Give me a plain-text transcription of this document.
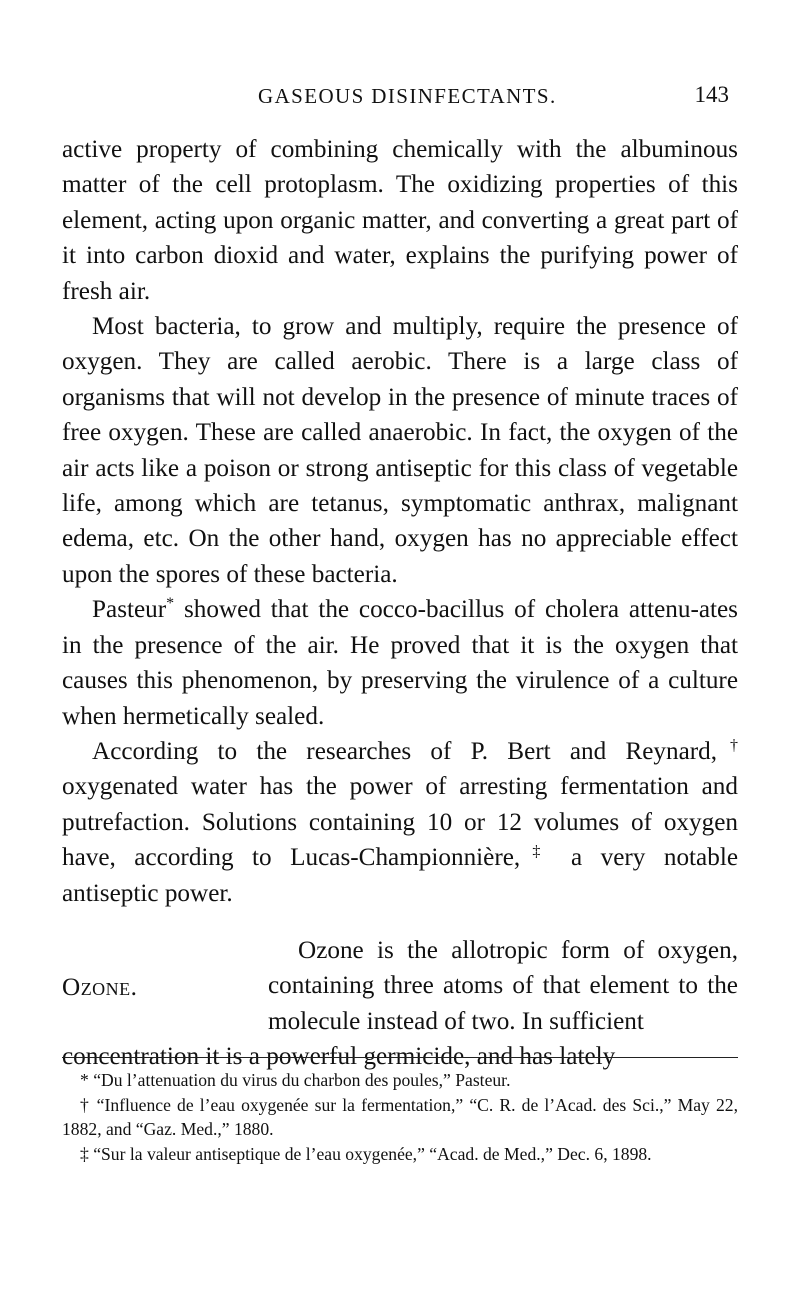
GASEOUS DISINFECTANTS.	143

active property of combining chemically with the albuminous matter of the cell protoplasm. The oxidizing properties of this element, acting upon organic matter, and converting a great part of it into carbon dioxid and water, explains the purifying power of fresh air.

Most bacteria, to grow and multiply, require the presence of oxygen. They are called aerobic. There is a large class of organisms that will not develop in the presence of minute traces of free oxygen. These are called anaerobic. In fact, the oxygen of the air acts like a poison or strong antiseptic for this class of vegetable life, among which are tetanus, symptomatic anthrax, malignant edema, etc. On the other hand, oxygen has no appreciable effect upon the spores of these bacteria.

Pasteur* showed that the cocco-bacillus of cholera attenu-ates in the presence of the air. He proved that it is the oxygen that causes this phenomenon, by preserving the virulence of a culture when hermetically sealed.

According to the researches of P. Bert and Reynard,† oxygenated water has the power of arresting fermentation and putrefaction. Solutions containing 10 or 12 volumes of oxygen have, according to Lucas-Championnière,‡ a very notable antiseptic power.

Ozone.

Ozone is the allotropic form of oxygen, containing three atoms of that element to the molecule instead of two. In sufficient

concentration it is a powerful germicide, and has lately

* “Du l’attenuation du virus du charbon des poules,” Pasteur.

† “Influence de l’eau oxygenée sur la fermentation,” “C. R. de l’Acad. des Sci.,” May 22, 1882, and “Gaz. Med.,” 1880.

‡ “Sur la valeur antiseptique de l’eau oxygenée,” “Acad. de Med.,” Dec. 6, 1898.
